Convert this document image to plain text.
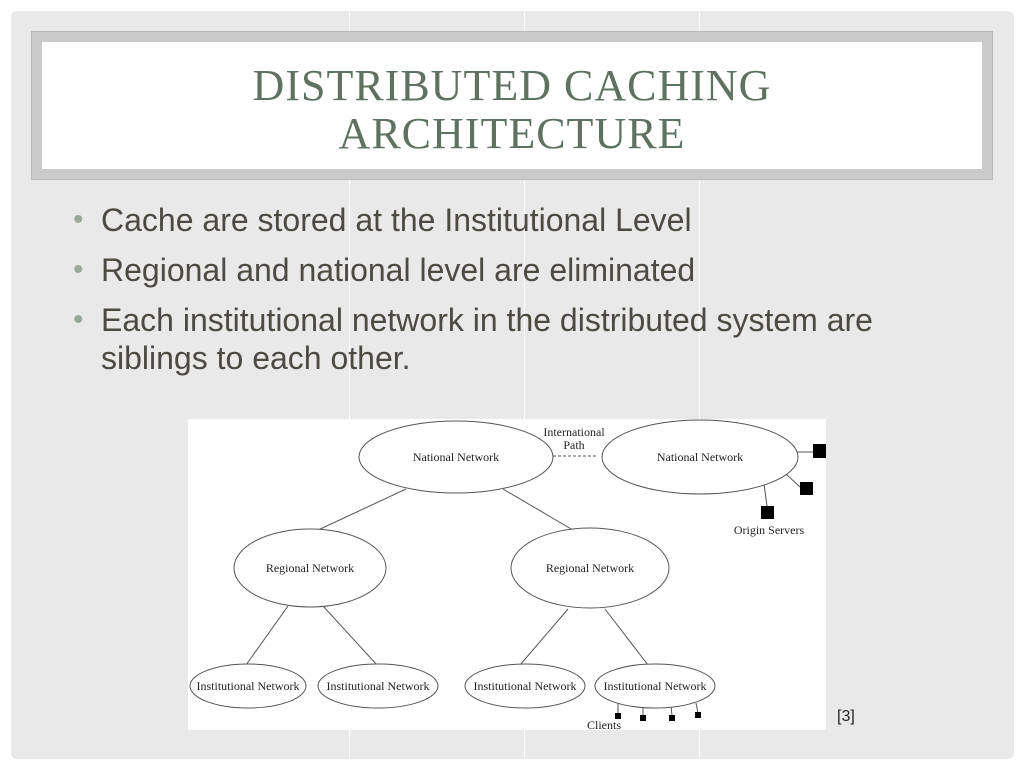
DISTRIBUTED CACHING
ARCHITECTURE
• Cache are stored at the Institutional Level
• Regional and national level are eliminated
• Each institutional network in the distributed system are siblings to each other.
National Network	National Network
International
Path
Regional Network	Regional Network
Institutional Network Institutional Network	Institutional Network Institutional Network
Origin Servers
Clients	[3]
